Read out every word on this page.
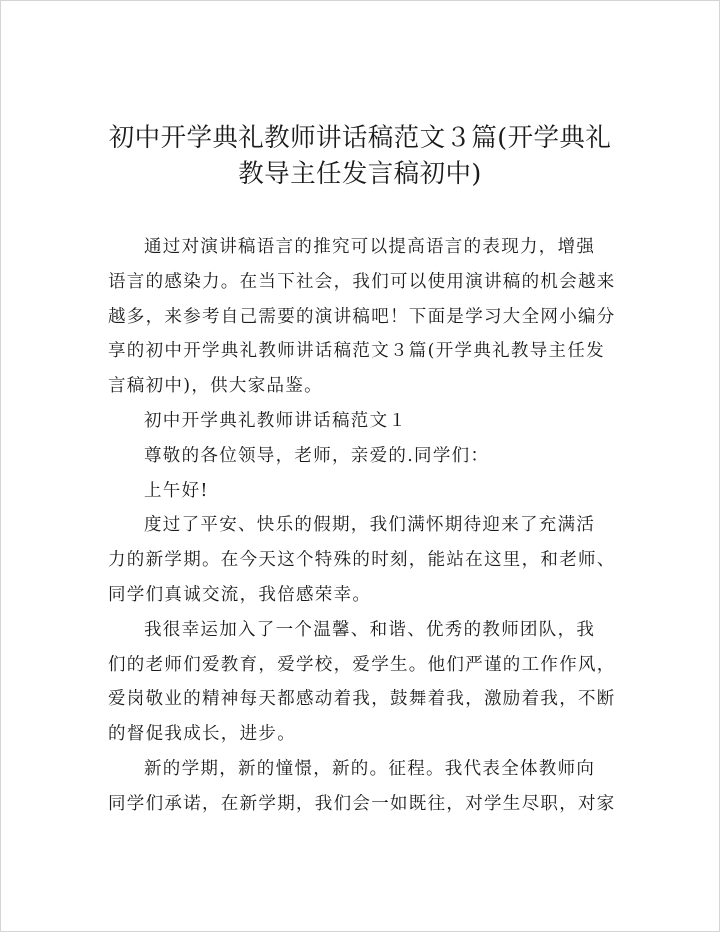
初中开学典礼教师讲话稿范文３篇(开学典礼
教导主任发言稿初中)
通过对演讲稿语言的推究可以提高语言的表现力，增强
语言的感染力。在当下社会，我们可以使用演讲稿的机会越来
越多，来参考自己需要的演讲稿吧！下面是学习大全网小编分
享的初中开学典礼教师讲话稿范文３篇(开学典礼教导主任发
言稿初中)，供大家品鉴。
初中开学典礼教师讲话稿范文１
尊敬的各位领导，老师，亲爱的.同学们：
上午好!
度过了平安、快乐的假期，我们满怀期待迎来了充满活
力的新学期。在今天这个特殊的时刻，能站在这里，和老师、
同学们真诚交流，我倍感荣幸。
我很幸运加入了一个温馨、和谐、优秀的教师团队，我
们的老师们爱教育，爱学校，爱学生。他们严谨的工作作风，
爱岗敬业的精神每天都感动着我，鼓舞着我，激励着我，不断
的督促我成长，进步。
新的学期，新的憧憬，新的。征程。我代表全体教师向
同学们承诺，在新学期，我们会一如既往，对学生尽职，对家
